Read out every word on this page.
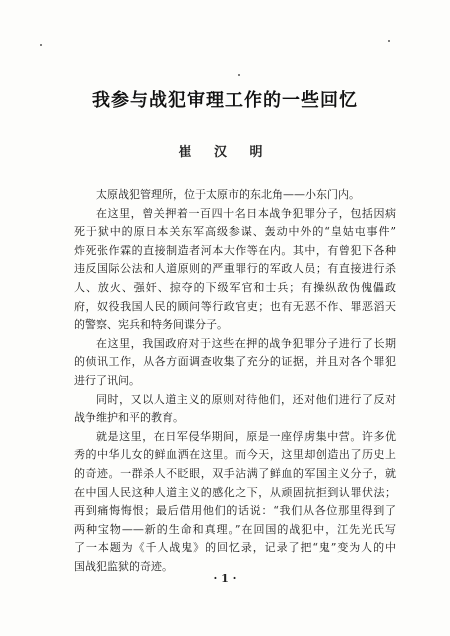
我参与战犯审理工作的一些回忆
崔 汉 明
太原战犯管理所，位于太原市的东北角——小东门内。
在这里，曾关押着一百四十名日本战争犯罪分子，包括因病
死于狱中的原日本关东军高级参谋、轰动中外的“皇姑屯事件”
炸死张作霖的直接制造者河本大作等在内。其中，有曾犯下各种
违反国际公法和人道原则的严重罪行的军政人员；有直接进行杀
人、放火、强奸、掠夺的下级军官和士兵；有操纵敌伪傀儡政
府，奴役我国人民的顾问等行政官吏；也有无恶不作、罪恶滔天
的警察、宪兵和特务间谍分子。
在这里，我国政府对于这些在押的战争犯罪分子进行了长期
的侦讯工作，从各方面调查收集了充分的证据，并且对各个罪犯
进行了讯问。
同时，又以人道主义的原则对待他们，还对他们进行了反对
战争维护和平的教育。
就是这里，在日军侵华期间，原是一座俘虏集中营。许多优
秀的中华儿女的鲜血洒在这里。而今天，这里却创造出了历史上
的奇迹。一群杀人不眨眼，双手沾满了鲜血的军国主义分子，就
在中国人民这种人道主义的感化之下，从顽固抗拒到认罪伏法；
再到痛悔悔恨；最后借用他们的话说：“我们从各位那里得到了
两种宝物——新的生命和真理。”在回国的战犯中，江先光氏写
了一本题为《千人战鬼》的回忆录，记录了把“鬼”变为人的中
国战犯监狱的奇迹。
· 1 ·
